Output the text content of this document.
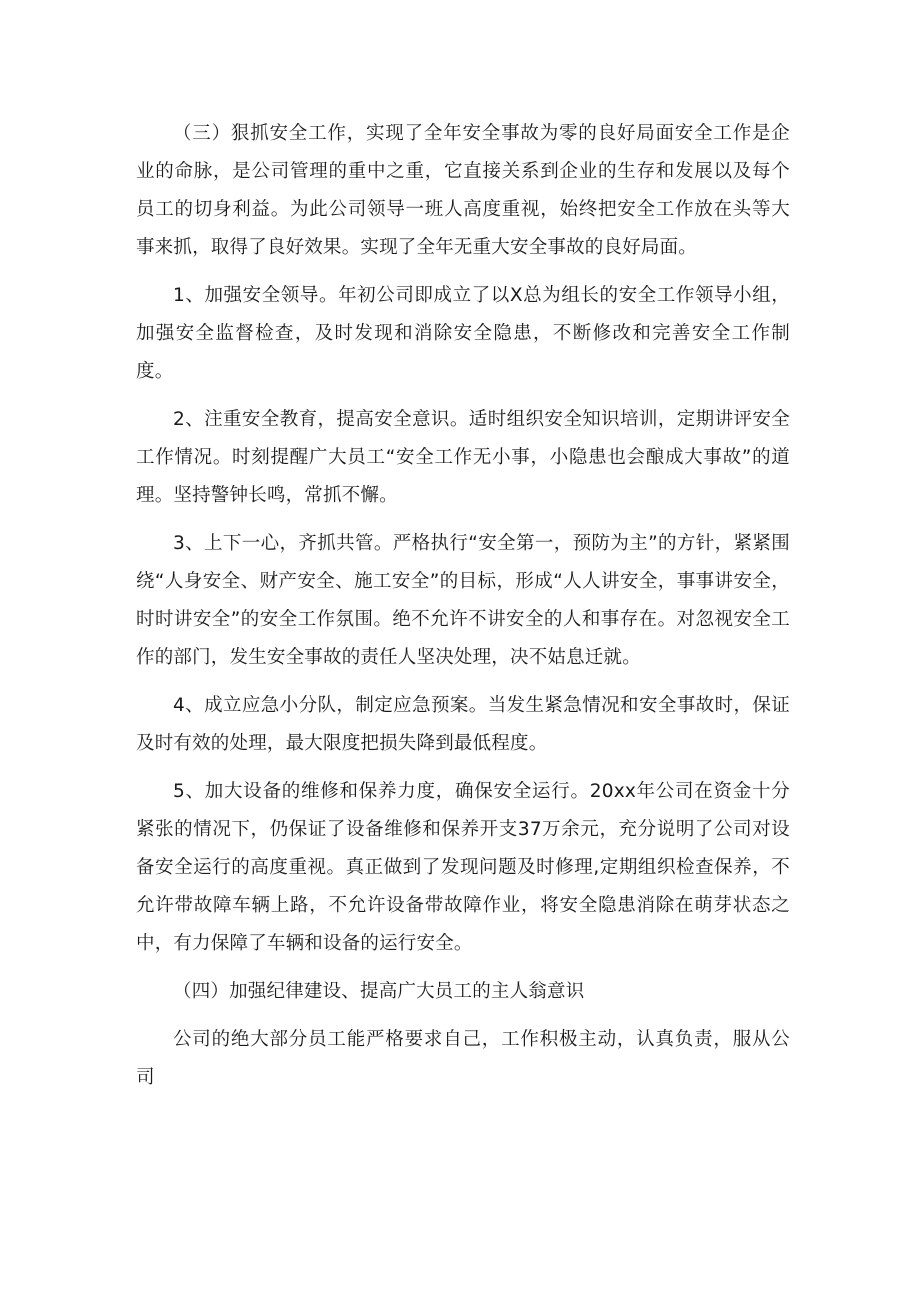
（三）狠抓安全工作，实现了全年安全事故为零的良好局面安全工作是企业的命脉，是公司管理的重中之重，它直接关系到企业的生存和发展以及每个员工的切身利益。为此公司领导一班人高度重视，始终把安全工作放在头等大事来抓，取得了良好效果。实现了全年无重大安全事故的良好局面。

1、加强安全领导。年初公司即成立了以X总为组长的安全工作领导小组，加强安全监督检查，及时发现和消除安全隐患，不断修改和完善安全工作制度。

2、注重安全教育，提高安全意识。适时组织安全知识培训，定期讲评安全工作情况。时刻提醒广大员工“安全工作无小事，小隐患也会酿成大事故”的道理。坚持警钟长鸣，常抓不懈。

3、上下一心，齐抓共管。严格执行“安全第一，预防为主”的方针，紧紧围绕“人身安全、财产安全、施工安全”的目标，形成“人人讲安全，事事讲安全，时时讲安全”的安全工作氛围。绝不允许不讲安全的人和事存在。对忽视安全工作的部门，发生安全事故的责任人坚决处理，决不姑息迁就。

4、成立应急小分队，制定应急预案。当发生紧急情况和安全事故时，保证及时有效的处理，最大限度把损失降到最低程度。

5、加大设备的维修和保养力度，确保安全运行。20xx年公司在资金十分紧张的情况下，仍保证了设备维修和保养开支37万余元，充分说明了公司对设备安全运行的高度重视。真正做到了发现问题及时修理,定期组织检查保养，不允许带故障车辆上路，不允许设备带故障作业，将安全隐患消除在萌芽状态之中，有力保障了车辆和设备的运行安全。

（四）加强纪律建设、提高广大员工的主人翁意识

公司的绝大部分员工能严格要求自己，工作积极主动，认真负责，服从公司
